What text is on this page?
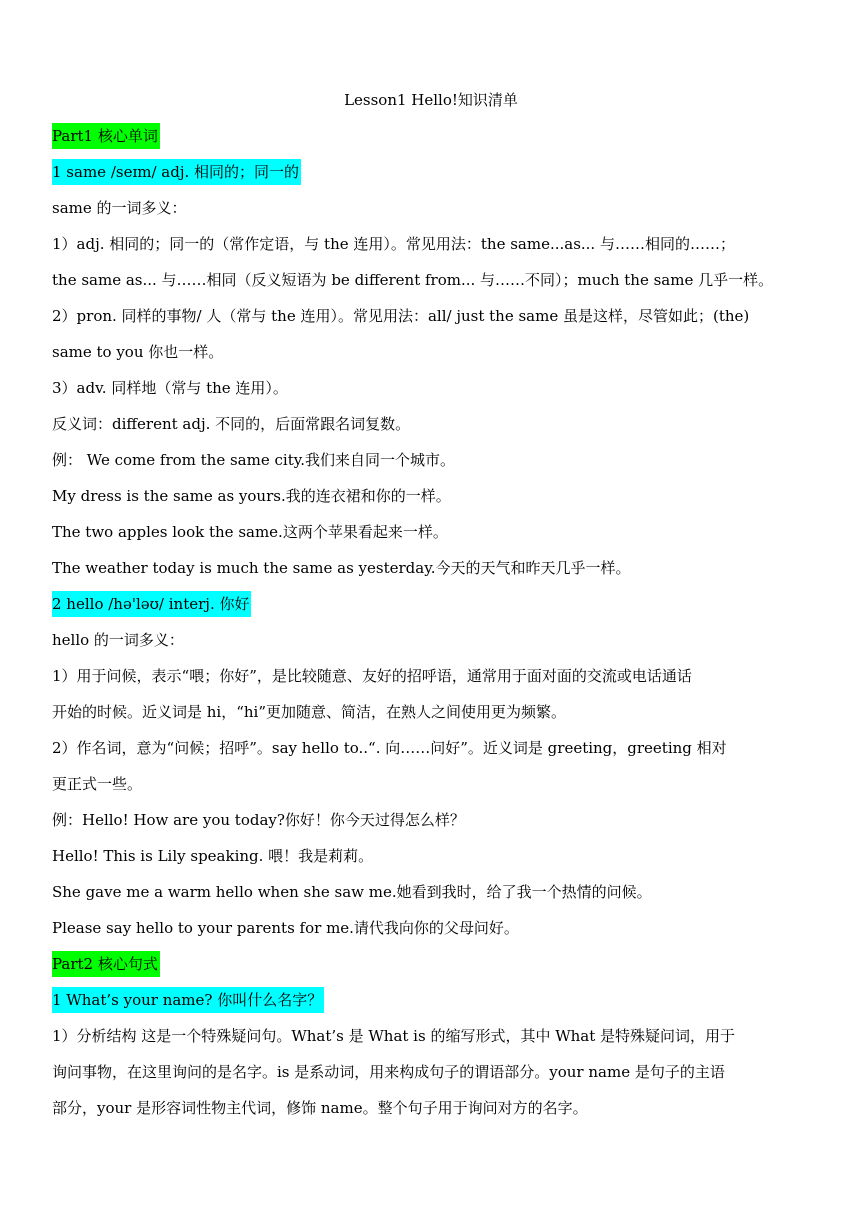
Lesson1 Hello!知识清单
Part1 核心单词
1 same /seɪm/ adj. 相同的；同一的
same 的一词多义：
1）adj. 相同的；同一的（常作定语，与 the 连用）。常见用法：the same...as... 与……相同的……；
the same as... 与……相同（反义短语为 be different from... 与……不同）；much the same 几乎一样。
2）pron. 同样的事物/ 人（常与 the 连用）。常见用法：all/ just the same 虽是这样，尽管如此；(the)
same to you 你也一样。
3）adv. 同样地（常与 the 连用）。
反义词：different adj. 不同的，后面常跟名词复数。
例： We come from the same city.我们来自同一个城市。
My dress is the same as yours.我的连衣裙和你的一样。
The two apples look the same.这两个苹果看起来一样。
The weather today is much the same as yesterday.今天的天气和昨天几乎一样。
2 hello /hə'ləʊ/ interj. 你好
hello 的一词多义：
1）用于问候，表示“喂；你好”，是比较随意、友好的招呼语，通常用于面对面的交流或电话通话
开始的时候。近义词是 hi，“hi”更加随意、简洁，在熟人之间使用更为频繁。
2）作名词，意为“问候；招呼”。say hello to..“. 向……问好”。近义词是 greeting，greeting 相对
更正式一些。
例：Hello! How are you today?你好！你今天过得怎么样？
Hello! This is Lily speaking. 喂！我是莉莉。
She gave me a warm hello when she saw me.她看到我时，给了我一个热情的问候。
Please say hello to your parents for me.请代我向你的父母问好。
Part2 核心句式
1 What’s your name? 你叫什么名字？
1）分析结构 这是一个特殊疑问句。What’s 是 What is 的缩写形式，其中 What 是特殊疑问词，用于
询问事物，在这里询问的是名字。is 是系动词，用来构成句子的谓语部分。your name 是句子的主语
部分，your 是形容词性物主代词，修饰 name。整个句子用于询问对方的名字。
